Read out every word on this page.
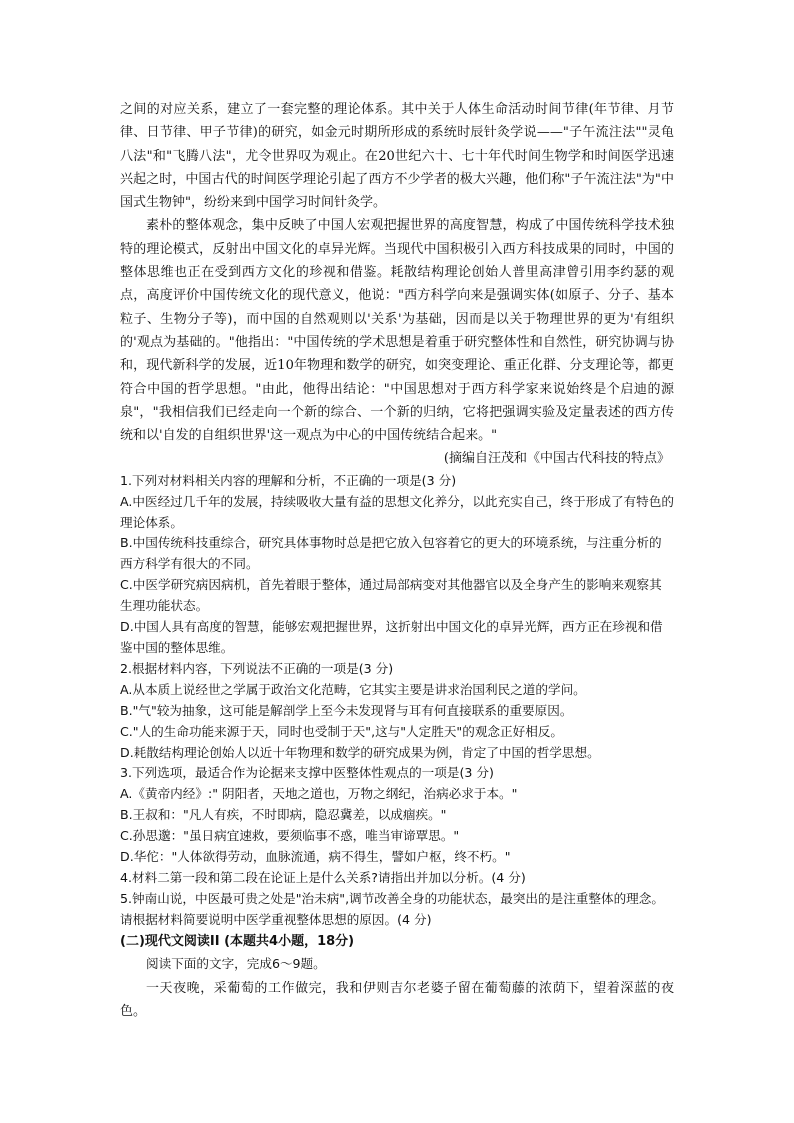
之间的对应关系，建立了一套完整的理论体系。其中关于人体生命活动时间节律(年节律、月节律、日节律、甲子节律)的研究，如金元时期所形成的系统时辰针灸学说——"子午流注法""灵龟八法"和"飞腾八法"，尤令世界叹为观止。在20世纪六十、七十年代时间生物学和时间医学迅速兴起之时，中国古代的时间医学理论引起了西方不少学者的极大兴趣，他们称"子午流注法"为"中国式生物钟"，纷纷来到中国学习时间针灸学。

素朴的整体观念，集中反映了中国人宏观把握世界的高度智慧，构成了中国传统科学技术独特的理论模式，反射出中国文化的卓异光辉。当现代中国积极引入西方科技成果的同时，中国的整体思维也正在受到西方文化的珍视和借鉴。耗散结构理论创始人普里高津曾引用李约瑟的观点，高度评价中国传统文化的现代意义，他说："西方科学向来是强调实体(如原子、分子、基本粒子、生物分子等)，而中国的自然观则以'关系'为基础，因而是以关于物理世界的更为'有组织的'观点为基础的。"他指出："中国传统的学术思想是着重于研究整体性和自然性，研究协调与协和，现代新科学的发展，近10年物理和数学的研究，如突变理论、重正化群、分支理论等，都更符合中国的哲学思想。"由此，他得出结论："中国思想对于西方科学家来说始终是个启迪的源泉"，"我相信我们已经走向一个新的综合、一个新的归纳，它将把强调实验及定量表述的西方传统和以'自发的自组织世界'这一观点为中心的中国传统结合起来。"

(摘编自汪茂和《中国古代科技的特点》

1.下列对材料相关内容的理解和分析，不正确的一项是(3 分)

A.中医经过几千年的发展，持续吸收大量有益的思想文化养分，以此充实自己，终于形成了有特色的理论体系。

B.中国传统科技重综合，研究具体事物时总是把它放入包容着它的更大的环境系统，与注重分析的西方科学有很大的不同。

C.中医学研究病因病机，首先着眼于整体，通过局部病变对其他器官以及全身产生的影响来观察其生理功能状态。

D.中国人具有高度的智慧，能够宏观把握世界，这折射出中国文化的卓异光辉，西方正在珍视和借鉴中国的整体思维。

2.根据材料内容，下列说法不正确的一项是(3 分)

A.从本质上说经世之学属于政治文化范畴，它其实主要是讲求治国利民之道的学问。

B."气"较为抽象，这可能是解剖学上至今未发现肾与耳有何直接联系的重要原因。

C."人的生命功能来源于天，同时也受制于天",这与"人定胜天"的观念正好相反。

D.耗散结构理论创始人以近十年物理和数学的研究成果为例，肯定了中国的哲学思想。

3.下列选项，最适合作为论据来支撑中医整体性观点的一项是(3 分)

A.《黄帝内经》:" 阴阳者，天地之道也，万物之纲纪，治病必求于本。"

B.王叔和："凡人有疾，不时即病，隐忍冀差，以成痼疾。"

C.孙思邈："虽日病宜速救，要须临事不惑，唯当审谛覃思。"

D.华佗："人体欲得劳动，血脉流通，病不得生，譬如户枢，终不朽。"

4.材料二第一段和第二段在论证上是什么关系?请指出并加以分析。(4 分)

5.钟南山说，中医最可贵之处是"治未病",调节改善全身的功能状态，最突出的是注重整体的理念。请根据材料简要说明中医学重视整体思想的原因。(4 分)

(二)现代文阅读II (本题共4小题，18分)

阅读下面的文字，完成6～9题。

一天夜晚，采葡萄的工作做完，我和伊则吉尔老婆子留在葡萄藤的浓荫下，望着深蓝的夜色。
